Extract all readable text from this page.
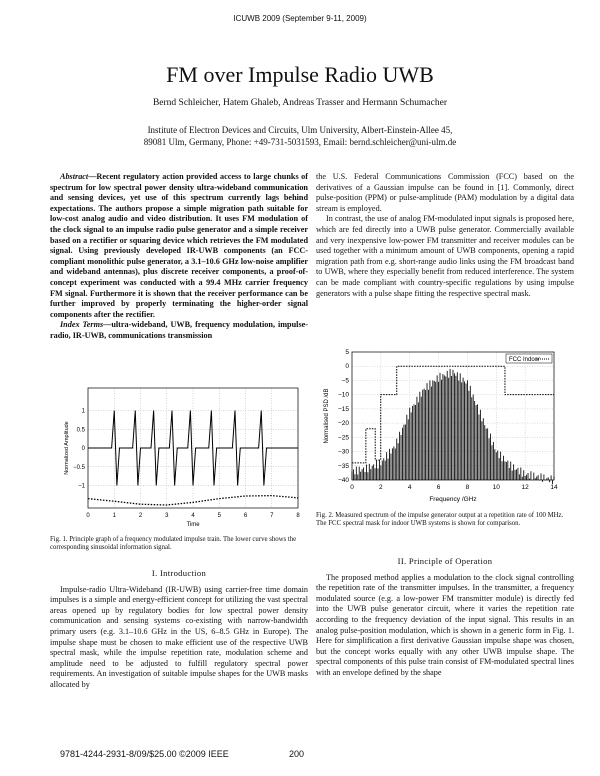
ICUWB 2009 (September 9-11, 2009)
FM over Impulse Radio UWB
Bernd Schleicher, Hatem Ghaleb, Andreas Trasser and Hermann Schumacher
Institute of Electron Devices and Circuits, Ulm University, Albert-Einstein-Allee 45,
89081 Ulm, Germany, Phone: +49-731-5031593, Email: bernd.schleicher@uni-ulm.de

Abstract—Recent regulatory action provided access to large chunks of spectrum for low spectral power density ultra-wideband communication and sensing devices, yet use of this spectrum currently lags behind expectations. The authors propose a simple migration path suitable for low-cost analog audio and video distribution. It uses FM modulation of the clock signal to an impulse radio pulse generator and a simple receiver based on a rectifier or squaring device which retrieves the FM modulated signal. Using previously developed IR-UWB components (an FCC-compliant monolithic pulse generator, a 3.1–10.6 GHz low-noise amplifier and wideband antennas), plus discrete receiver components, a proof-of-concept experiment was conducted with a 99.4 MHz carrier frequency FM signal. Furthermore it is shown that the receiver performance can be further improved by properly terminating the higher-order signal components after the rectifier.

Index Terms—ultra-wideband, UWB, frequency modulation, impulse-radio, IR-UWB, communications transmission

0	1	2	3	4	5	6	7	8
1
0.5
0
−0.5
−1
Time
Normalized Amplitude
Fig. 1. Principle graph of a frequency modulated impulse train. The lower curve shows the corresponding sinusoidal information signal.
I. Introduction

Impulse-radio Ultra-Wideband (IR-UWB) using carrier-free time domain impulses is a simple and energy-efficient concept for utilizing the vast spectral areas opened up by regulatory bodies for low spectral power density communication and sensing systems co-existing with narrow-bandwidth primary users (e.g. 3.1–10.6 GHz in the US, 6–8.5 GHz in Europe). The impulse shape must be chosen to make efficient use of the respective UWB spectral mask, while the impulse repetition rate, modulation scheme and amplitude need to be adjusted to fulfill regulatory spectral power requirements. An investigation of suitable impulse shapes for the UWB masks allocated by

the U.S. Federal Communications Commission (FCC) based on the derivatives of a Gaussian impulse can be found in [1]. Commonly, direct pulse-position (PPM) or pulse-amplitude (PAM) modulation by a digital data stream is employed.

In contrast, the use of analog FM-modulated input signals is proposed here, which are fed directly into a UWB pulse generator. Commercially available and very inexpensive low-power FM transmitter and receiver modules can be used together with a minimum amount of UWB components, opening a rapid migration path from e.g. short-range audio links using the FM broadcast band to UWB, where they especially benefit from reduced interference. The system can be made compliant with country-specific regulations by using impulse generators with a pulse shape fitting the respective spectral mask.

FCC Indoor
0	2	4	6	8	10	12	14
5
0
−5
−10
−15
−20
−25
−30
−35
−40
Frequency /GHz
Normalised PSD /dB
Fig. 2. Measured spectrum of the impulse generator output at a repetition rate of 100 MHz. The FCC spectral mask for indoor UWB systems is shown for comparison.
II. Principle of Operation

The proposed method applies a modulation to the clock signal controlling the repetition rate of the transmitter impulses. In the transmitter, a frequency modulated source (e.g. a low-power FM transmitter module) is directly fed into the UWB pulse generator circuit, where it varies the repetition rate according to the frequency deviation of the input signal. This results in an analog pulse-position modulation, which is shown in a generic form in Fig. 1. Here for simplification a first derivative Gaussian impulse shape was chosen, but the concept works equally with any other UWB impulse shape. The spectral components of this pulse train consist of FM-modulated spectral lines with an envelope defined by the shape

9781-4244-2931-8/09/$25.00 ©2009 IEEE	200
